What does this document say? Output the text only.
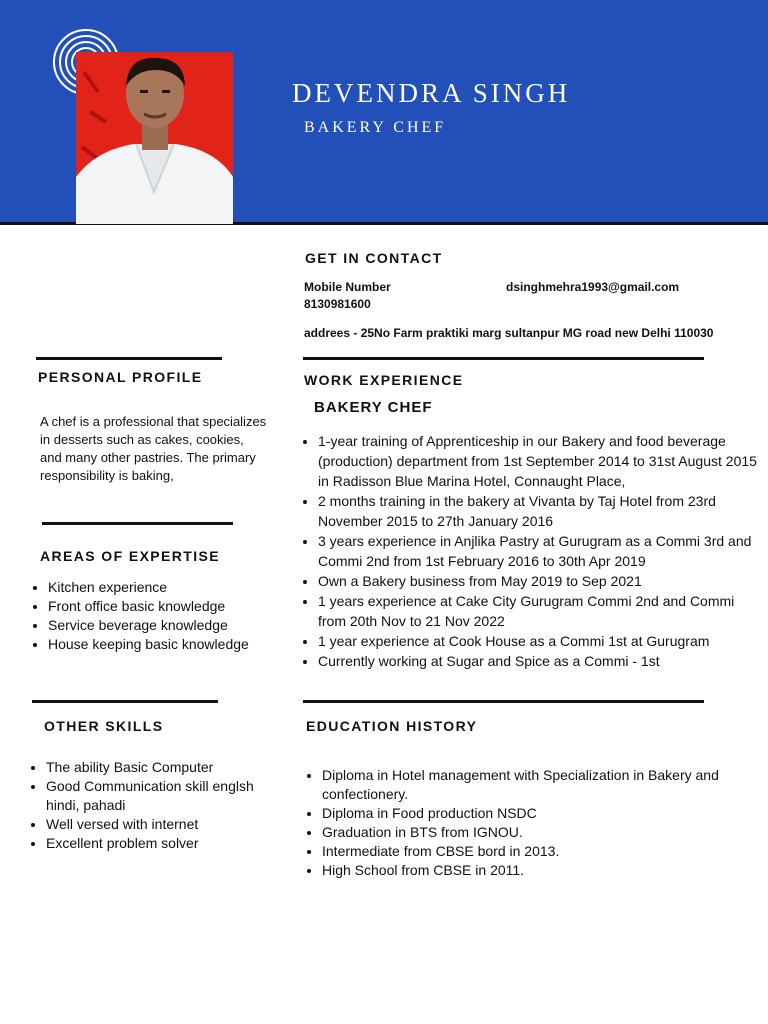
DEVENDRA SINGH
BAKERY CHEF
GET IN CONTACT
Mobile Number
8130981600
dsinghmehra1993@gmail.com
addrees - 25No Farm praktiki marg sultanpur MG road new Delhi 110030
PERSONAL PROFILE
A chef is a professional that specializes in desserts such as cakes, cookies, and many other pastries. The primary responsibility is baking,
AREAS OF EXPERTISE
• Kitchen experience
• Front office basic knowledge
• Service beverage knowledge
• House keeping basic knowledge
OTHER SKILLS
• The ability Basic Computer
• Good Communication skill englsh hindi, pahadi
• Well versed with internet
• Excellent problem solver
WORK EXPERIENCE
BAKERY CHEF
• 1-year training of Apprenticeship in our Bakery and food beverage (production) department from 1st September 2014 to 31st August 2015 in Radisson Blue Marina Hotel, Connaught Place,
• 2 months training in the bakery at Vivanta by Taj Hotel from 23rd November 2015 to 27th January 2016
• 3 years experience in Anjlika Pastry at Gurugram as a Commi 3rd and Commi 2nd from 1st February 2016 to 30th Apr 2019
• Own a Bakery business from May 2019 to Sep 2021
• 1 years experience at Cake City Gurugram Commi 2nd and Commi from 20th Nov to 21 Nov 2022
• 1 year experience at Cook House as a Commi 1st at Gurugram
• Currently working at Sugar and Spice as a Commi - 1st
EDUCATION HISTORY
• Diploma in Hotel management with Specialization in Bakery and confectionery.
• Diploma in Food production NSDC
• Graduation in BTS from IGNOU.
• Intermediate from CBSE bord in 2013.
• High School from CBSE in 2011.
